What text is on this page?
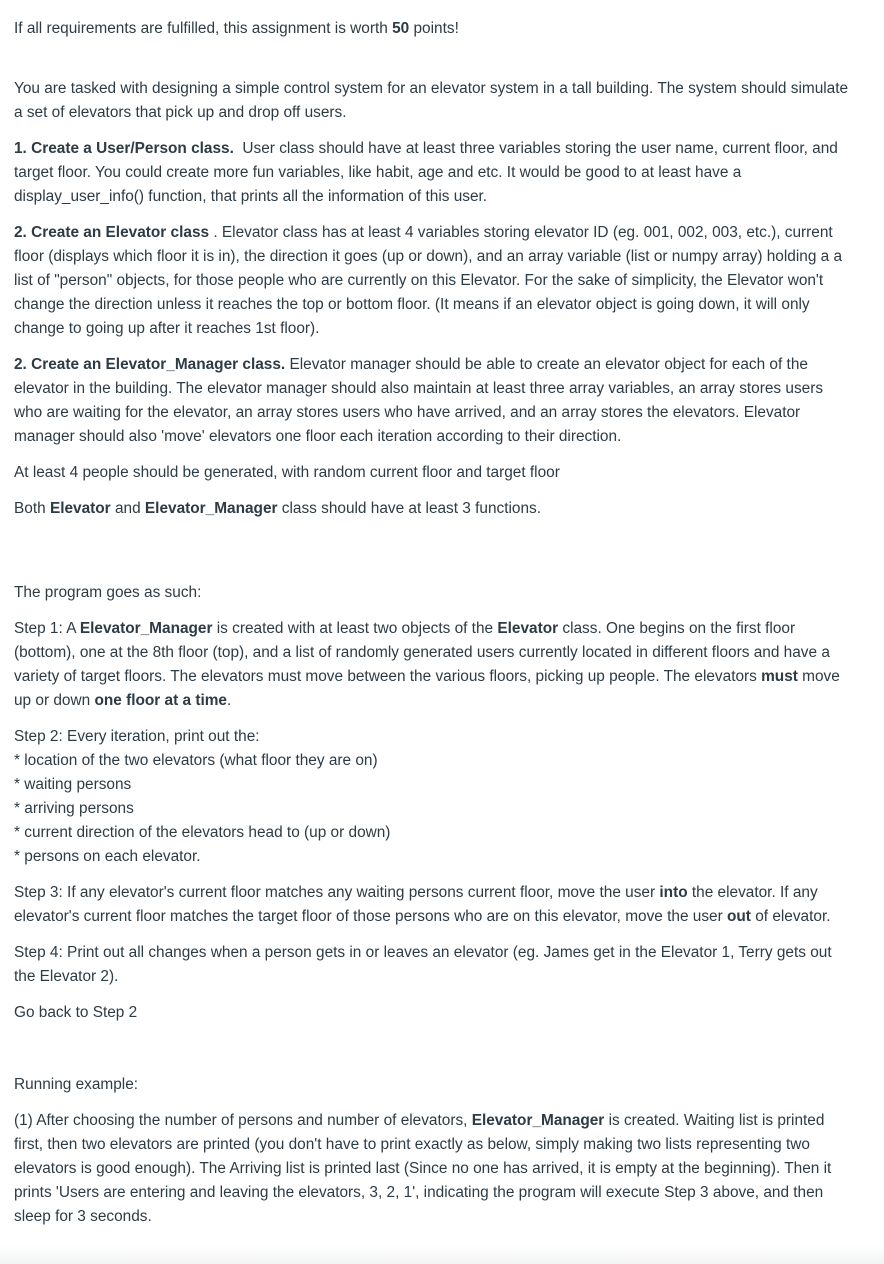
If all requirements are fulfilled, this assignment is worth 50 points!

You are tasked with designing a simple control system for an elevator system in a tall building. The system should simulate a set of elevators that pick up and drop off users.

1. Create a User/Person class.  User class should have at least three variables storing the user name, current floor, and target floor. You could create more fun variables, like habit, age and etc. It would be good to at least have a display_user_info() function, that prints all the information of this user.

2. Create an Elevator class . Elevator class has at least 4 variables storing elevator ID (eg. 001, 002, 003, etc.), current floor (displays which floor it is in), the direction it goes (up or down), and an array variable (list or numpy array) holding a a list of "person" objects, for those people who are currently on this Elevator. For the sake of simplicity, the Elevator won't change the direction unless it reaches the top or bottom floor. (It means if an elevator object is going down, it will only change to going up after it reaches 1st floor).

2. Create an Elevator_Manager class. Elevator manager should be able to create an elevator object for each of the elevator in the building. The elevator manager should also maintain at least three array variables, an array stores users who are waiting for the elevator, an array stores users who have arrived, and an array stores the elevators. Elevator manager should also 'move' elevators one floor each iteration according to their direction.

At least 4 people should be generated, with random current floor and target floor

Both Elevator and Elevator_Manager class should have at least 3 functions.

The program goes as such:

Step 1: A Elevator_Manager is created with at least two objects of the Elevator class. One begins on the first floor (bottom), one at the 8th floor (top), and a list of randomly generated users currently located in different floors and have a variety of target floors. The elevators must move between the various floors, picking up people. The elevators must move up or down one floor at a time.

Step 2: Every iteration, print out the:

* location of the two elevators (what floor they are on)

* waiting persons

* arriving persons

* current direction of the elevators head to (up or down)

* persons on each elevator.

Step 3: If any elevator's current floor matches any waiting persons current floor, move the user into the elevator. If any elevator's current floor matches the target floor of those persons who are on this elevator, move the user out of elevator.

Step 4: Print out all changes when a person gets in or leaves an elevator (eg. James get in the Elevator 1, Terry gets out the Elevator 2).

Go back to Step 2

Running example:

(1) After choosing the number of persons and number of elevators, Elevator_Manager is created. Waiting list is printed first, then two elevators are printed (you don't have to print exactly as below, simply making two lists representing two elevators is good enough). The Arriving list is printed last (Since no one has arrived, it is empty at the beginning). Then it prints 'Users are entering and leaving the elevators, 3, 2, 1', indicating the program will execute Step 3 above, and then sleep for 3 seconds.
